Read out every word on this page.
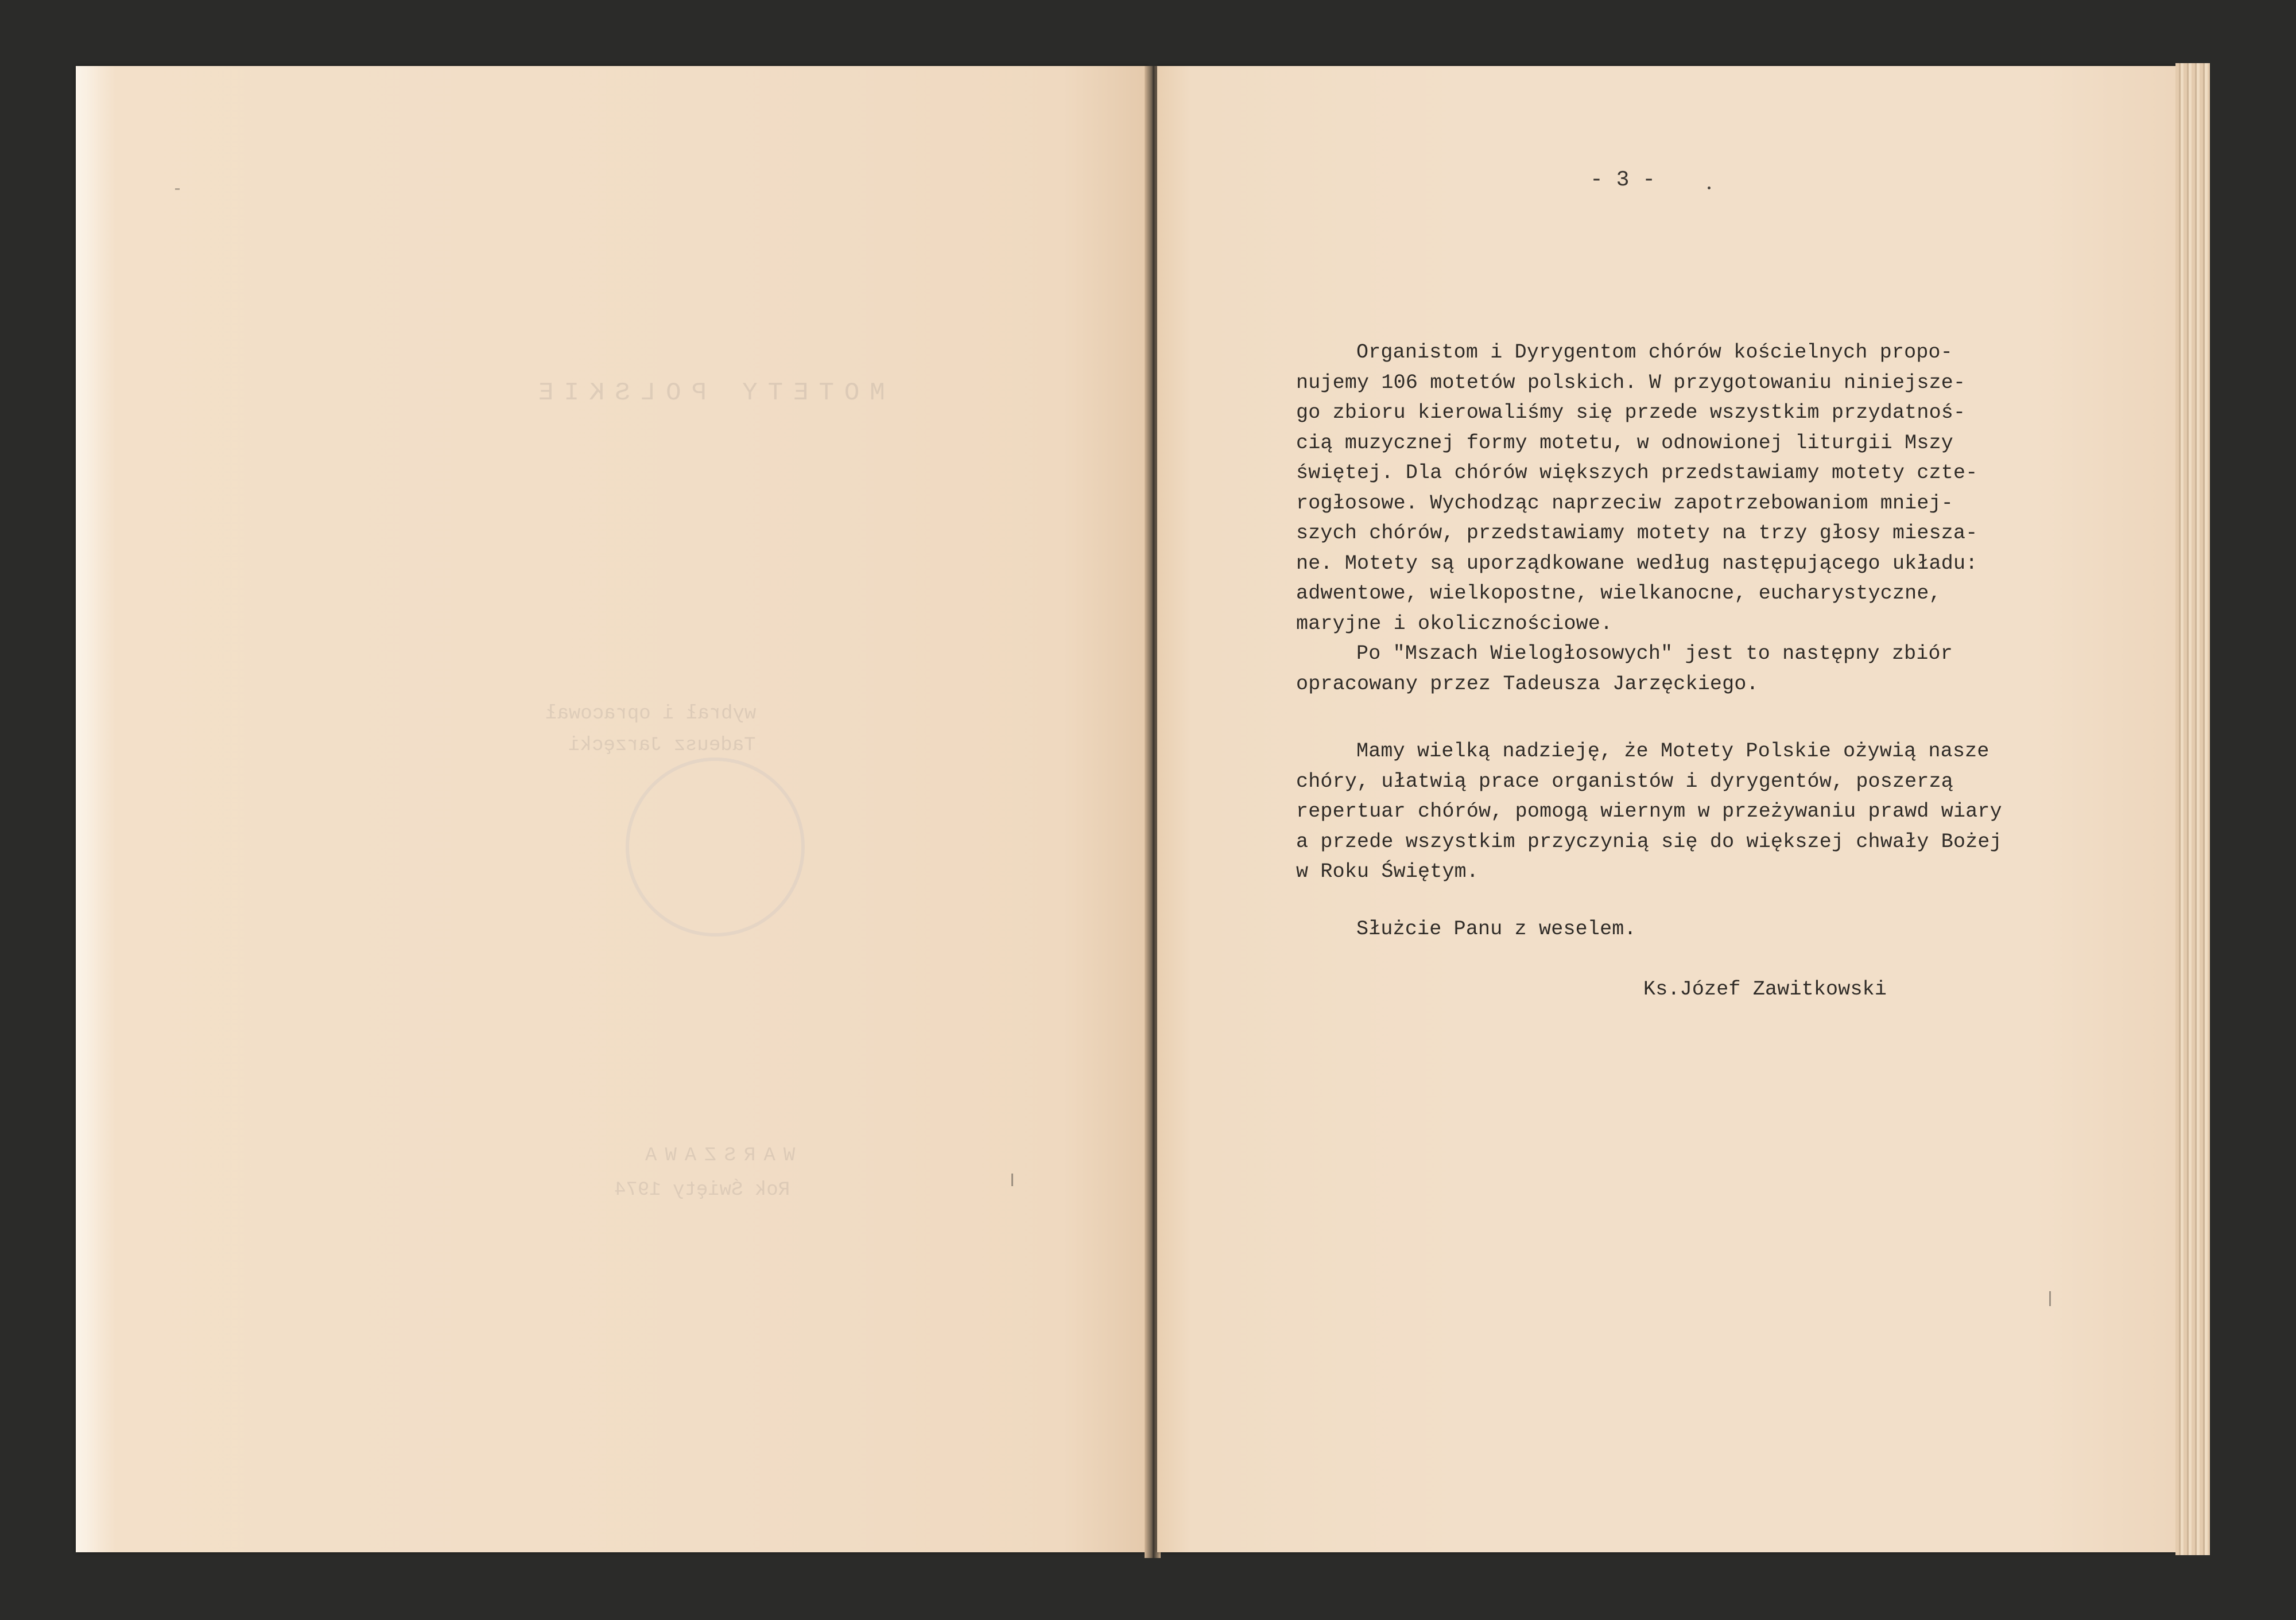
MOTETY POLSKIE
wybrał i opracował
Tadeusz Jarzęcki
WARSZAWA
Rok Święty 1974
- 3 -
Organistom i Dyrygentom chórów kościelnych propo-
nujemy 106 motetów polskich. W przygotowaniu niniejsze-
go zbioru kierowaliśmy się przede wszystkim przydatnoś-
cią muzycznej formy motetu, w odnowionej liturgii Mszy
świętej. Dla chórów większych przedstawiamy motety czte-
rogłosowe. Wychodząc naprzeciw zapotrzebowaniom mniej-
szych chórów, przedstawiamy motety na trzy głosy miesza-
ne. Motety są uporządkowane według następującego układu:
adwentowe, wielkopostne, wielkanocne, eucharystyczne,
maryjne i okolicznościowe.
Po "Mszach Wielogłosowych" jest to następny zbiór
opracowany przez Tadeusza Jarzęckiego.
Mamy wielką nadzieję, że Motety Polskie ożywią nasze
chóry, ułatwią prace organistów i dyrygentów, poszerzą
repertuar chórów, pomogą wiernym w przeżywaniu prawd wiary
a przede wszystkim przyczynią się do większej chwały Bożej
w Roku Świętym.
Służcie Panu z weselem.
Ks.Józef Zawitkowski
